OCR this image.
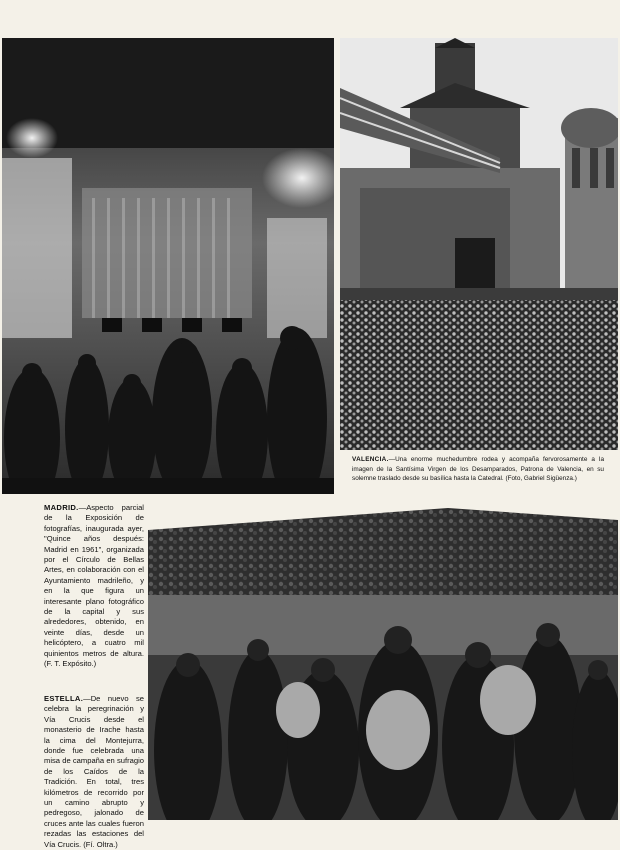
VALENCIA.—Una enorme muchedumbre rodea y acompaña fervorosamente a la imagen de la Santísima Virgen de los Desamparados, Patrona de Valencia, en su solemne traslado desde su basílica hasta la Catedral. (Foto, Gabriel Sigüenza.)
MADRID.—Aspecto parcial de la Exposición de fotografías, inaugurada ayer, "Quince años después: Madrid en 1961", organizada por el Círculo de Bellas Artes, en colaboración con el Ayuntamiento madrileño, y en la que figura un interesante plano fotográfico de la capital y sus alrededores, obtenido, en veinte días, desde un helicóptero, a cuatro mil quinientos metros de altura. (F. T. Expósito.)
ESTELLA.—De nuevo se celebra la peregrinación y Vía Crucis desde el monasterio de Irache hasta la cima del Montejurra, donde fue celebrada una misa de campaña en sufragio de los Caídos de la Tradición. En total, tres kilómetros de recorrido por un camino abrupto y pedregoso, jalonado de cruces ante las cuales fueron rezadas las estaciones del Vía Crucis. (Fí. Oltra.)
